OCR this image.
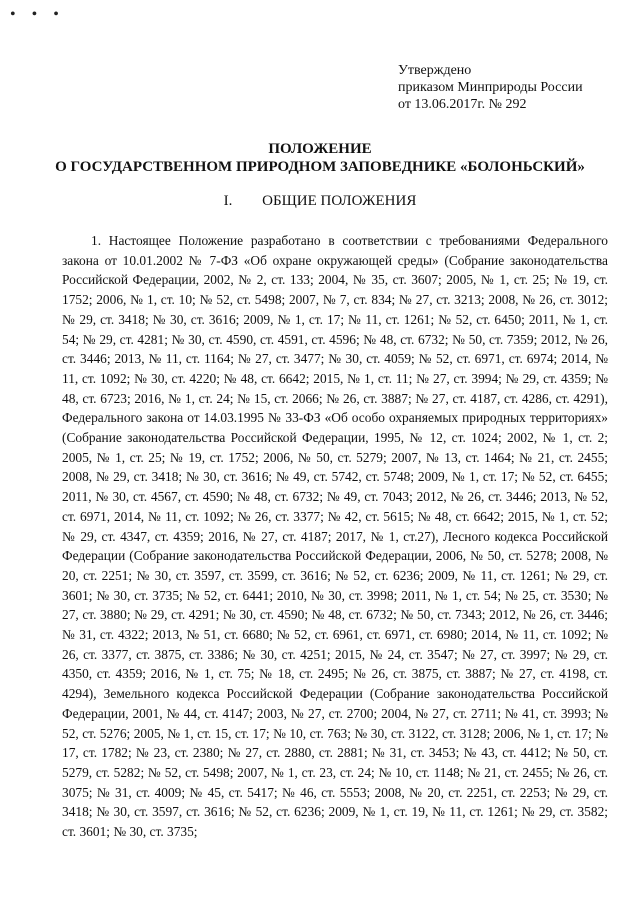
• • •
Утверждено
приказом Минприроды России
от 13.06.2017г. № 292
ПОЛОЖЕНИЕ
О ГОСУДАРСТВЕННОМ ПРИРОДНОМ ЗАПОВЕДНИКЕ «БОЛОНЬСКИЙ»
I. ОБЩИЕ ПОЛОЖЕНИЯ
1. Настоящее Положение разработано в соответствии с требованиями Федерального закона от 10.01.2002 № 7-ФЗ «Об охране окружающей среды» (Собрание законодательства Российской Федерации, 2002, № 2, ст. 133; 2004, № 35, ст. 3607; 2005, № 1, ст. 25; № 19, ст. 1752; 2006, № 1, ст. 10; № 52, ст. 5498; 2007, № 7, ст. 834; № 27, ст. 3213; 2008, № 26, ст. 3012; № 29, ст. 3418; № 30, ст. 3616; 2009, № 1, ст. 17; № 11, ст. 1261; № 52, ст. 6450; 2011, № 1, ст. 54; № 29, ст. 4281; № 30, ст. 4590, ст. 4591, ст. 4596; № 48, ст. 6732; № 50, ст. 7359; 2012, № 26, ст. 3446; 2013, № 11, ст. 1164; № 27, ст. 3477; № 30, ст. 4059; № 52, ст. 6971, ст. 6974; 2014, № 11, ст. 1092; № 30, ст. 4220; № 48, ст. 6642; 2015, № 1, ст. 11; № 27, ст. 3994; № 29, ст. 4359; № 48, ст. 6723; 2016, № 1, ст. 24; № 15, ст. 2066; № 26, ст. 3887; № 27, ст. 4187, ст. 4286, ст. 4291), Федерального закона от 14.03.1995 № 33-ФЗ «Об особо охраняемых природных территориях» (Собрание законодательства Российской Федерации, 1995, № 12, ст. 1024; 2002, № 1, ст. 2; 2005, № 1, ст. 25; № 19, ст. 1752; 2006, № 50, ст. 5279; 2007, № 13, ст. 1464; № 21, ст. 2455; 2008, № 29, ст. 3418; № 30, ст. 3616; № 49, ст. 5742, ст. 5748; 2009, № 1, ст. 17; № 52, ст. 6455; 2011, № 30, ст. 4567, ст. 4590; № 48, ст. 6732; № 49, ст. 7043; 2012, № 26, ст. 3446; 2013, № 52, ст. 6971, 2014, № 11, ст. 1092; № 26, ст. 3377; № 42, ст. 5615; № 48, ст. 6642; 2015, № 1, ст. 52; № 29, ст. 4347, ст. 4359; 2016, № 27, ст. 4187; 2017, № 1, ст.27), Лесного кодекса Российской Федерации (Собрание законодательства Российской Федерации, 2006, № 50, ст. 5278; 2008, № 20, ст. 2251; № 30, ст. 3597, ст. 3599, ст. 3616; № 52, ст. 6236; 2009, № 11, ст. 1261; № 29, ст. 3601; № 30, ст. 3735; № 52, ст. 6441; 2010, № 30, ст. 3998; 2011, № 1, ст. 54; № 25, ст. 3530; № 27, ст. 3880; № 29, ст. 4291; № 30, ст. 4590; № 48, ст. 6732; № 50, ст. 7343; 2012, № 26, ст. 3446; № 31, ст. 4322; 2013, № 51, ст. 6680; № 52, ст. 6961, ст. 6971, ст. 6980; 2014, № 11, ст. 1092; № 26, ст. 3377, ст. 3875, ст. 3386; № 30, ст. 4251; 2015, № 24, ст. 3547; № 27, ст. 3997; № 29, ст. 4350, ст. 4359; 2016, № 1, ст. 75; № 18, ст. 2495; № 26, ст. 3875, ст. 3887; № 27, ст. 4198, ст. 4294), Земельного кодекса Российской Федерации (Собрание законодательства Российской Федерации, 2001, № 44, ст. 4147; 2003, № 27, ст. 2700; 2004, № 27, ст. 2711; № 41, ст. 3993; № 52, ст. 5276; 2005, № 1, ст. 15, ст. 17; № 10, ст. 763; № 30, ст. 3122, ст. 3128; 2006, № 1, ст. 17; № 17, ст. 1782; № 23, ст. 2380; № 27, ст. 2880, ст. 2881; № 31, ст. 3453; № 43, ст. 4412; № 50, ст. 5279, ст. 5282; № 52, ст. 5498; 2007, № 1, ст. 23, ст. 24; № 10, ст. 1148; № 21, ст. 2455; № 26, ст. 3075; № 31, ст. 4009; № 45, ст. 5417; № 46, ст. 5553; 2008, № 20, ст. 2251, ст. 2253; № 29, ст. 3418; № 30, ст. 3597, ст. 3616; № 52, ст. 6236; 2009, № 1, ст. 19, № 11, ст. 1261; № 29, ст. 3582; ст. 3601; № 30, ст. 3735;
